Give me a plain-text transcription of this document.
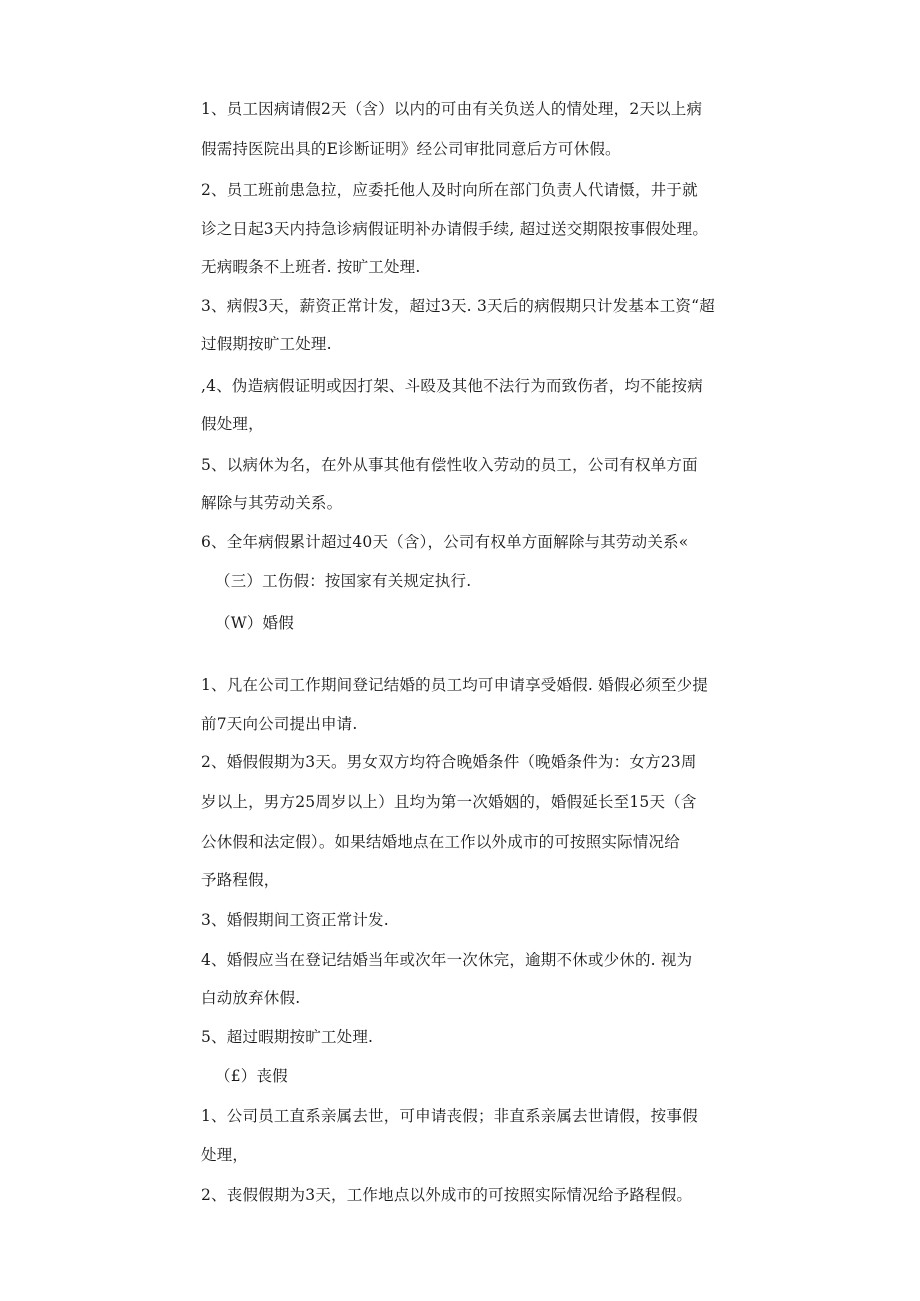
1、员工因病请假2天（含）以内的可由有关负送人的情处理，2天以上病
假需持医院出具的E诊断证明》经公司审批同意后方可休假。
2、员工班前患急拉，应委托他人及时向所在部门负责人代请慑，井于就
诊之日起3天内持急诊病假证明补办请假手续, 超过送交期限按事假处理。
无病暇条不上班者. 按旷工处理.
3、病假3天，薪资正常计发，超过3天. 3天后的病假期只计发基本工资“超
过假期按旷工处理.
,4、伪造病假证明或因打架、斗殴及其他不法行为而致伤者，均不能按病
假处理，
5、以病休为名，在外从事其他有偿性收入劳动的员工，公司有权单方面
解除与其劳动关系。
6、全年病假累计超过40天（含），公司有权单方面解除与其劳动关系«
（三）工伤假：按国家有关规定执行.
（W）婚假
1、凡在公司工作期间登记结婚的员工均可申请享受婚假. 婚假必须至少提
前7天向公司提出申请.
2、婚假假期为3天。男女双方均符合晚婚条件（晚婚条件为：女方23周
岁以上，男方25周岁以上）且均为第一次婚姻的，婚假延长至15天（含
公休假和法定假）。如果结婚地点在工作以外成市的可按照实际情况给
予路程假，
3、婚假期间工资正常计发.
4、婚假应当在登记结婚当年或次年一次休完，逾期不休或少休的. 视为
白动放弃休假.
5、超过暇期按旷工处理.
（£）丧假
1、公司员工直系亲属去世，可申请丧假；非直系亲属去世请假，按事假
处理，
2、丧假假期为3天，工作地点以外成市的可按照实际情况给予路程假。
